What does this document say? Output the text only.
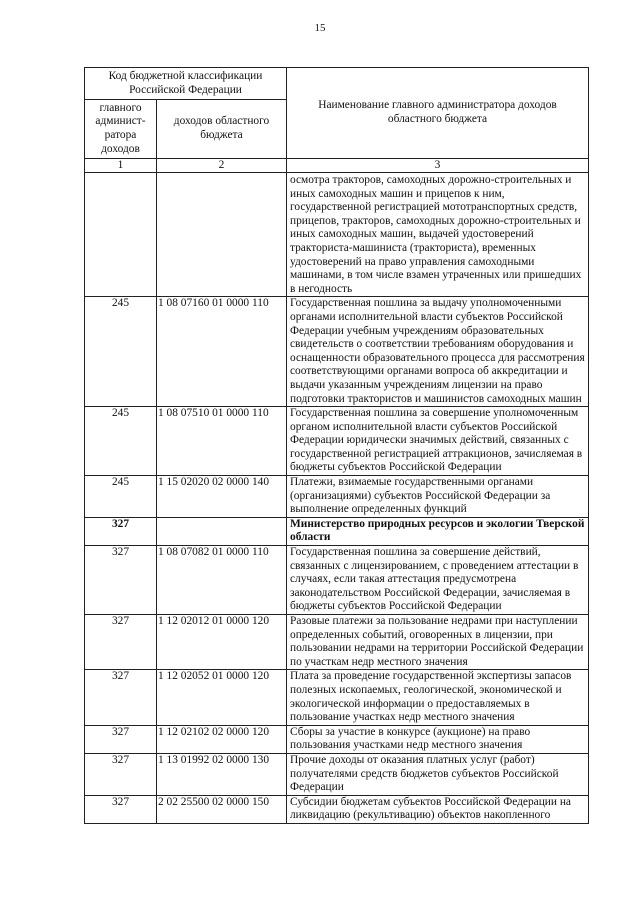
15
Код бюджетной классификации Российской Федерации		Наименование главного администратора доходов областного бюджета
главного админист- ратора доходов	доходов областного бюджета	
1	2	3
		осмотра тракторов, самоходных дорожно-строительных и иных самоходных машин и прицепов к ним, государственной регистрацией мототранспортных средств, прицепов, тракторов, самоходных дорожно-строительных и иных самоходных машин, выдачей удостоверений тракториста-машиниста (тракториста), временных удостоверений на право управления самоходными машинами, в том числе взамен утраченных или пришедших в негодность
245	1 08 07160 01 0000 110	Государственная пошлина за выдачу уполномоченными органами исполнительной власти субъектов Российской Федерации учебным учреждениям образовательных свидетельств о соответствии требованиям оборудования и оснащенности образовательного процесса для рассмотрения соответствующими органами вопроса об аккредитации и выдачи указанным учреждениям лицензии на право подготовки трактористов и машинистов самоходных машин
245	1 08 07510 01 0000 110	Государственная пошлина за совершение уполномоченным органом исполнительной власти субъектов Российской Федерации юридически значимых действий, связанных с государственной регистрацией аттракционов, зачисляемая в бюджеты субъектов Российской Федерации
245	1 15 02020 02 0000 140	Платежи, взимаемые государственными органами (организациями) субъектов Российской Федерации за выполнение определенных функций
327		Министерство природных ресурсов и экологии Тверской области
327	1 08 07082 01 0000 110	Государственная пошлина за совершение действий, связанных с лицензированием, с проведением аттестации в случаях, если такая аттестация предусмотрена законодательством Российской Федерации, зачисляемая в бюджеты субъектов Российской Федерации
327	1 12 02012 01 0000 120	Разовые платежи за пользование недрами при наступлении определенных событий, оговоренных в лицензии, при пользовании недрами на территории Российской Федерации по участкам недр местного значения
327	1 12 02052 01 0000 120	Плата за проведение государственной экспертизы запасов полезных ископаемых, геологической, экономической и экологической информации о предоставляемых в пользование участках недр местного значения
327	1 12 02102 02 0000 120	Сборы за участие в конкурсе (аукционе) на право пользования участками недр местного значения
327	1 13 01992 02 0000 130	Прочие доходы от оказания платных услуг (работ) получателями средств бюджетов субъектов Российской Федерации
327	2 02 25500 02 0000 150	Субсидии бюджетам субъектов Российской Федерации на ликвидацию (рекультивацию) объектов накопленного
